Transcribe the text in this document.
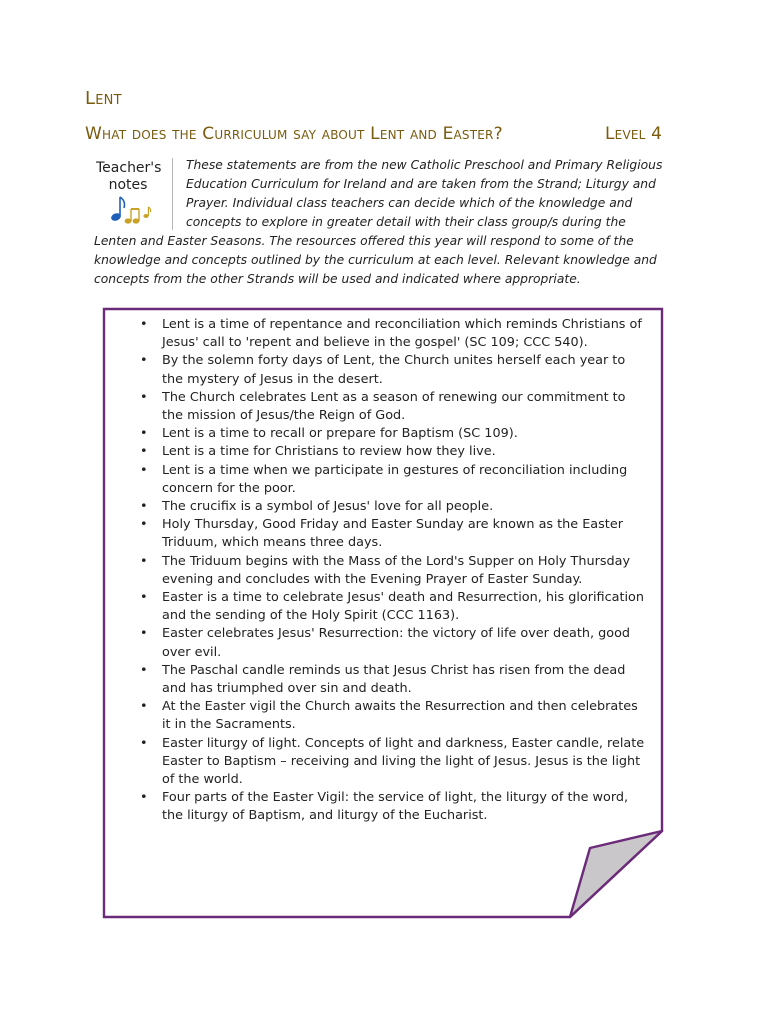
Lent
What does the Curriculum say about Lent and Easter?	Level 4
Teacher's
notes

These statements are from the new Catholic Preschool and Primary Religious

Education Curriculum for Ireland and are taken from the Strand; Liturgy and

Prayer. Individual class teachers can decide which of the knowledge and

concepts to explore in greater detail with their class group/s during the

Lenten and Easter Seasons. The resources offered this year will respond to some of the

knowledge and concepts outlined by the curriculum at each level. Relevant knowledge and

concepts from the other Strands will be used and indicated where appropriate.

• Lent is a time of repentance and reconciliation which reminds Christians of
Jesus' call to 'repent and believe in the gospel' (SC 109; CCC 540).
• By the solemn forty days of Lent, the Church unites herself each year to
the mystery of Jesus in the desert.
• The Church celebrates Lent as a season of renewing our commitment to
the mission of Jesus/the Reign of God.
• Lent is a time to recall or prepare for Baptism (SC 109).
• Lent is a time for Christians to review how they live.
• Lent is a time when we participate in gestures of reconciliation including
concern for the poor.
• The crucifix is a symbol of Jesus' love for all people.
• Holy Thursday, Good Friday and Easter Sunday are known as the Easter
Triduum, which means three days.
• The Triduum begins with the Mass of the Lord's Supper on Holy Thursday
evening and concludes with the Evening Prayer of Easter Sunday.
• Easter is a time to celebrate Jesus' death and Resurrection, his glorification
and the sending of the Holy Spirit (CCC 1163).
• Easter celebrates Jesus' Resurrection: the victory of life over death, good
over evil.
• The Paschal candle reminds us that Jesus Christ has risen from the dead
and has triumphed over sin and death.
• At the Easter vigil the Church awaits the Resurrection and then celebrates
it in the Sacraments.
• Easter liturgy of light. Concepts of light and darkness, Easter candle, relate
Easter to Baptism – receiving and living the light of Jesus. Jesus is the light
of the world.
• Four parts of the Easter Vigil: the service of light, the liturgy of the word,
the liturgy of Baptism, and liturgy of the Eucharist.
